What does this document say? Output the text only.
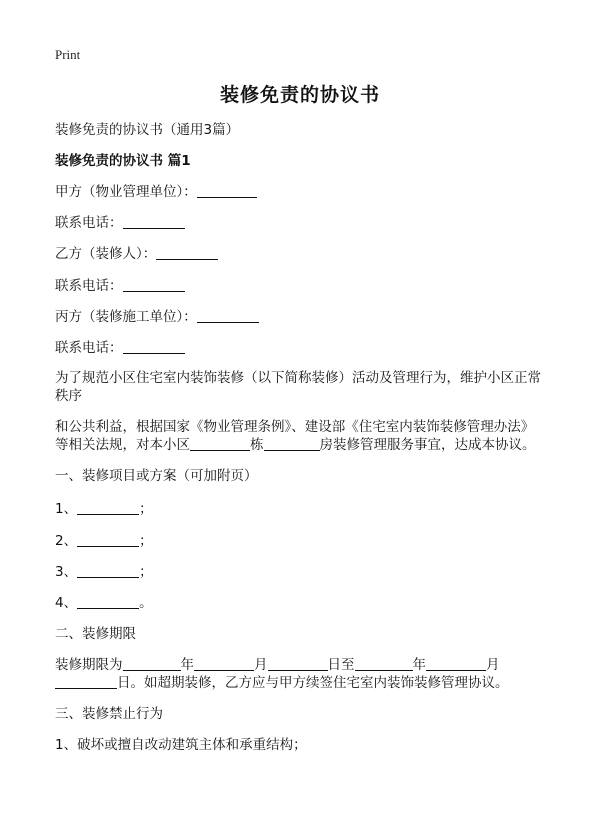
Print
装修免责的协议书
装修免责的协议书（通用3篇）
装修免责的协议书 篇1
甲方（物业管理单位）：
联系电话：
乙方（装修人）：
联系电话：
丙方（装修施工单位）：
联系电话：
为了规范小区住宅室内装饰装修（以下简称装修）活动及管理行为，维护小区正常
秩序
和公共利益，根据国家《物业管理条例》、建设部《住宅室内装饰装修管理办法》
等相关法规，对本小区	栋	房装修管理服务事宜，达成本协议。
一、装修项目或方案（可加附页）
1、	；
2、	；
3、	；
4、	。
二、装修期限
装修期限为	年	月	日至	年	月
日。如超期装修，乙方应与甲方续签住宅室内装饰装修管理协议。
三、装修禁止行为
1、破坏或擅自改动建筑主体和承重结构；
